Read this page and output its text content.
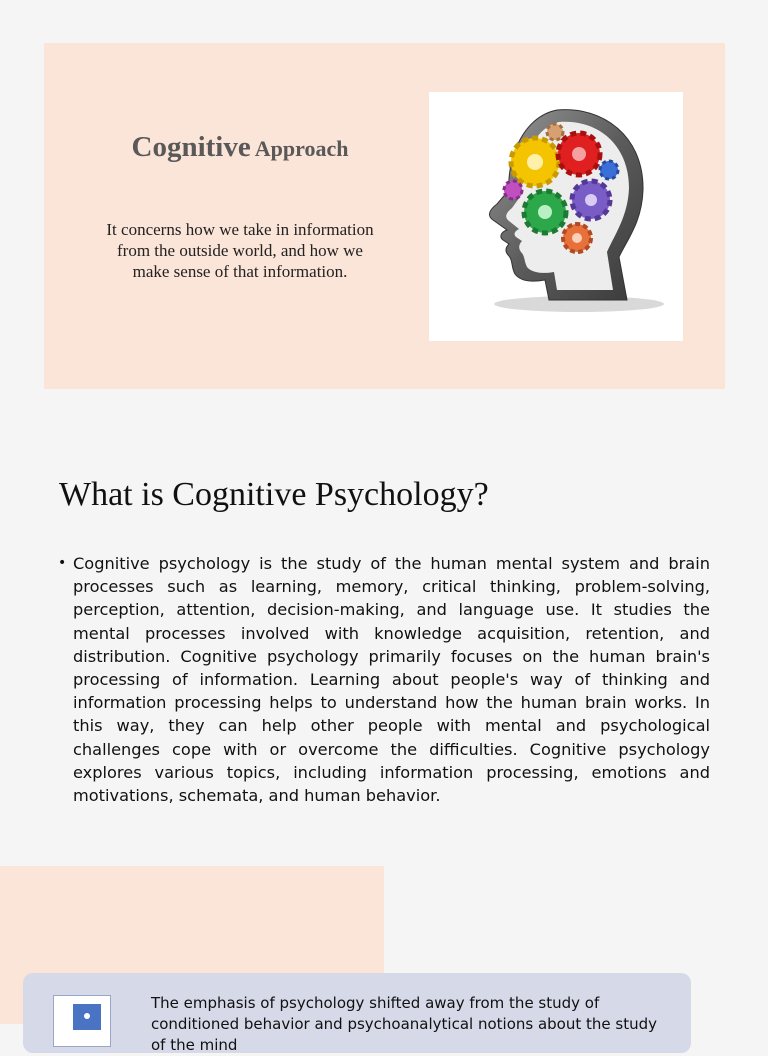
Cognitive Approach
It concerns how we take in information from the outside world, and how we make sense of that information.
What is Cognitive Psychology?
• Cognitive psychology is the study of the human mental system and brain processes such as learning, memory, critical thinking, problem-solving, perception, attention, decision-making, and language use. It studies the mental processes involved with knowledge acquisition, retention, and distribution. Cognitive psychology primarily focuses on the human brain's processing of information. Learning about people's way of thinking and information processing helps to understand how the human brain works. In this way, they can help other people with mental and psychological challenges cope with or overcome the difficulties. Cognitive psychology explores various topics, including information processing, emotions and motivations, schemata, and human behavior.
The emphasis of psychology shifted away from the study of conditioned behavior and psychoanalytical notions about the study of the mind
